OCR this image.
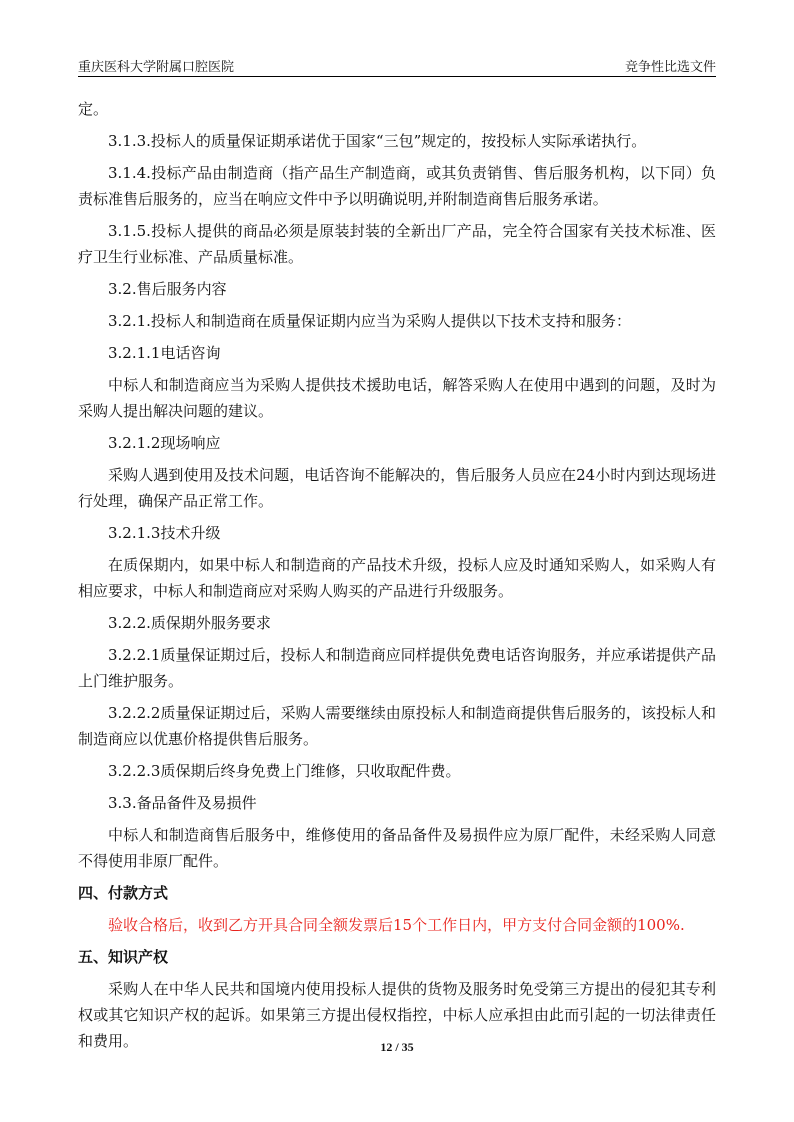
重庆医科大学附属口腔医院	竞争性比选文件

定。

3.1.3.投标人的质量保证期承诺优于国家“三包”规定的，按投标人实际承诺执行。

3.1.4.投标产品由制造商（指产品生产制造商，或其负责销售、售后服务机构，以下同）负责标准售后服务的，应当在响应文件中予以明确说明,并附制造商售后服务承诺。

3.1.5.投标人提供的商品必须是原装封装的全新出厂产品，完全符合国家有关技术标准、医疗卫生行业标准、产品质量标准。

3.2.售后服务内容

3.2.1.投标人和制造商在质量保证期内应当为采购人提供以下技术支持和服务：

3.2.1.1电话咨询

中标人和制造商应当为采购人提供技术援助电话，解答采购人在使用中遇到的问题，及时为采购人提出解决问题的建议。

3.2.1.2现场响应

采购人遇到使用及技术问题，电话咨询不能解决的，售后服务人员应在24小时内到达现场进行处理，确保产品正常工作。

3.2.1.3技术升级

在质保期内，如果中标人和制造商的产品技术升级，投标人应及时通知采购人，如采购人有相应要求，中标人和制造商应对采购人购买的产品进行升级服务。

3.2.2.质保期外服务要求

3.2.2.1质量保证期过后，投标人和制造商应同样提供免费电话咨询服务，并应承诺提供产品上门维护服务。

3.2.2.2质量保证期过后，采购人需要继续由原投标人和制造商提供售后服务的，该投标人和制造商应以优惠价格提供售后服务。

3.2.2.3质保期后终身免费上门维修，只收取配件费。

3.3.备品备件及易损件

中标人和制造商售后服务中，维修使用的备品备件及易损件应为原厂配件，未经采购人同意不得使用非原厂配件。

四、付款方式

验收合格后，收到乙方开具合同全额发票后15个工作日内，甲方支付合同金额的100%.

五、知识产权

采购人在中华人民共和国境内使用投标人提供的货物及服务时免受第三方提出的侵犯其专利权或其它知识产权的起诉。如果第三方提出侵权指控，中标人应承担由此而引起的一切法律责任和费用。	12 / 35
